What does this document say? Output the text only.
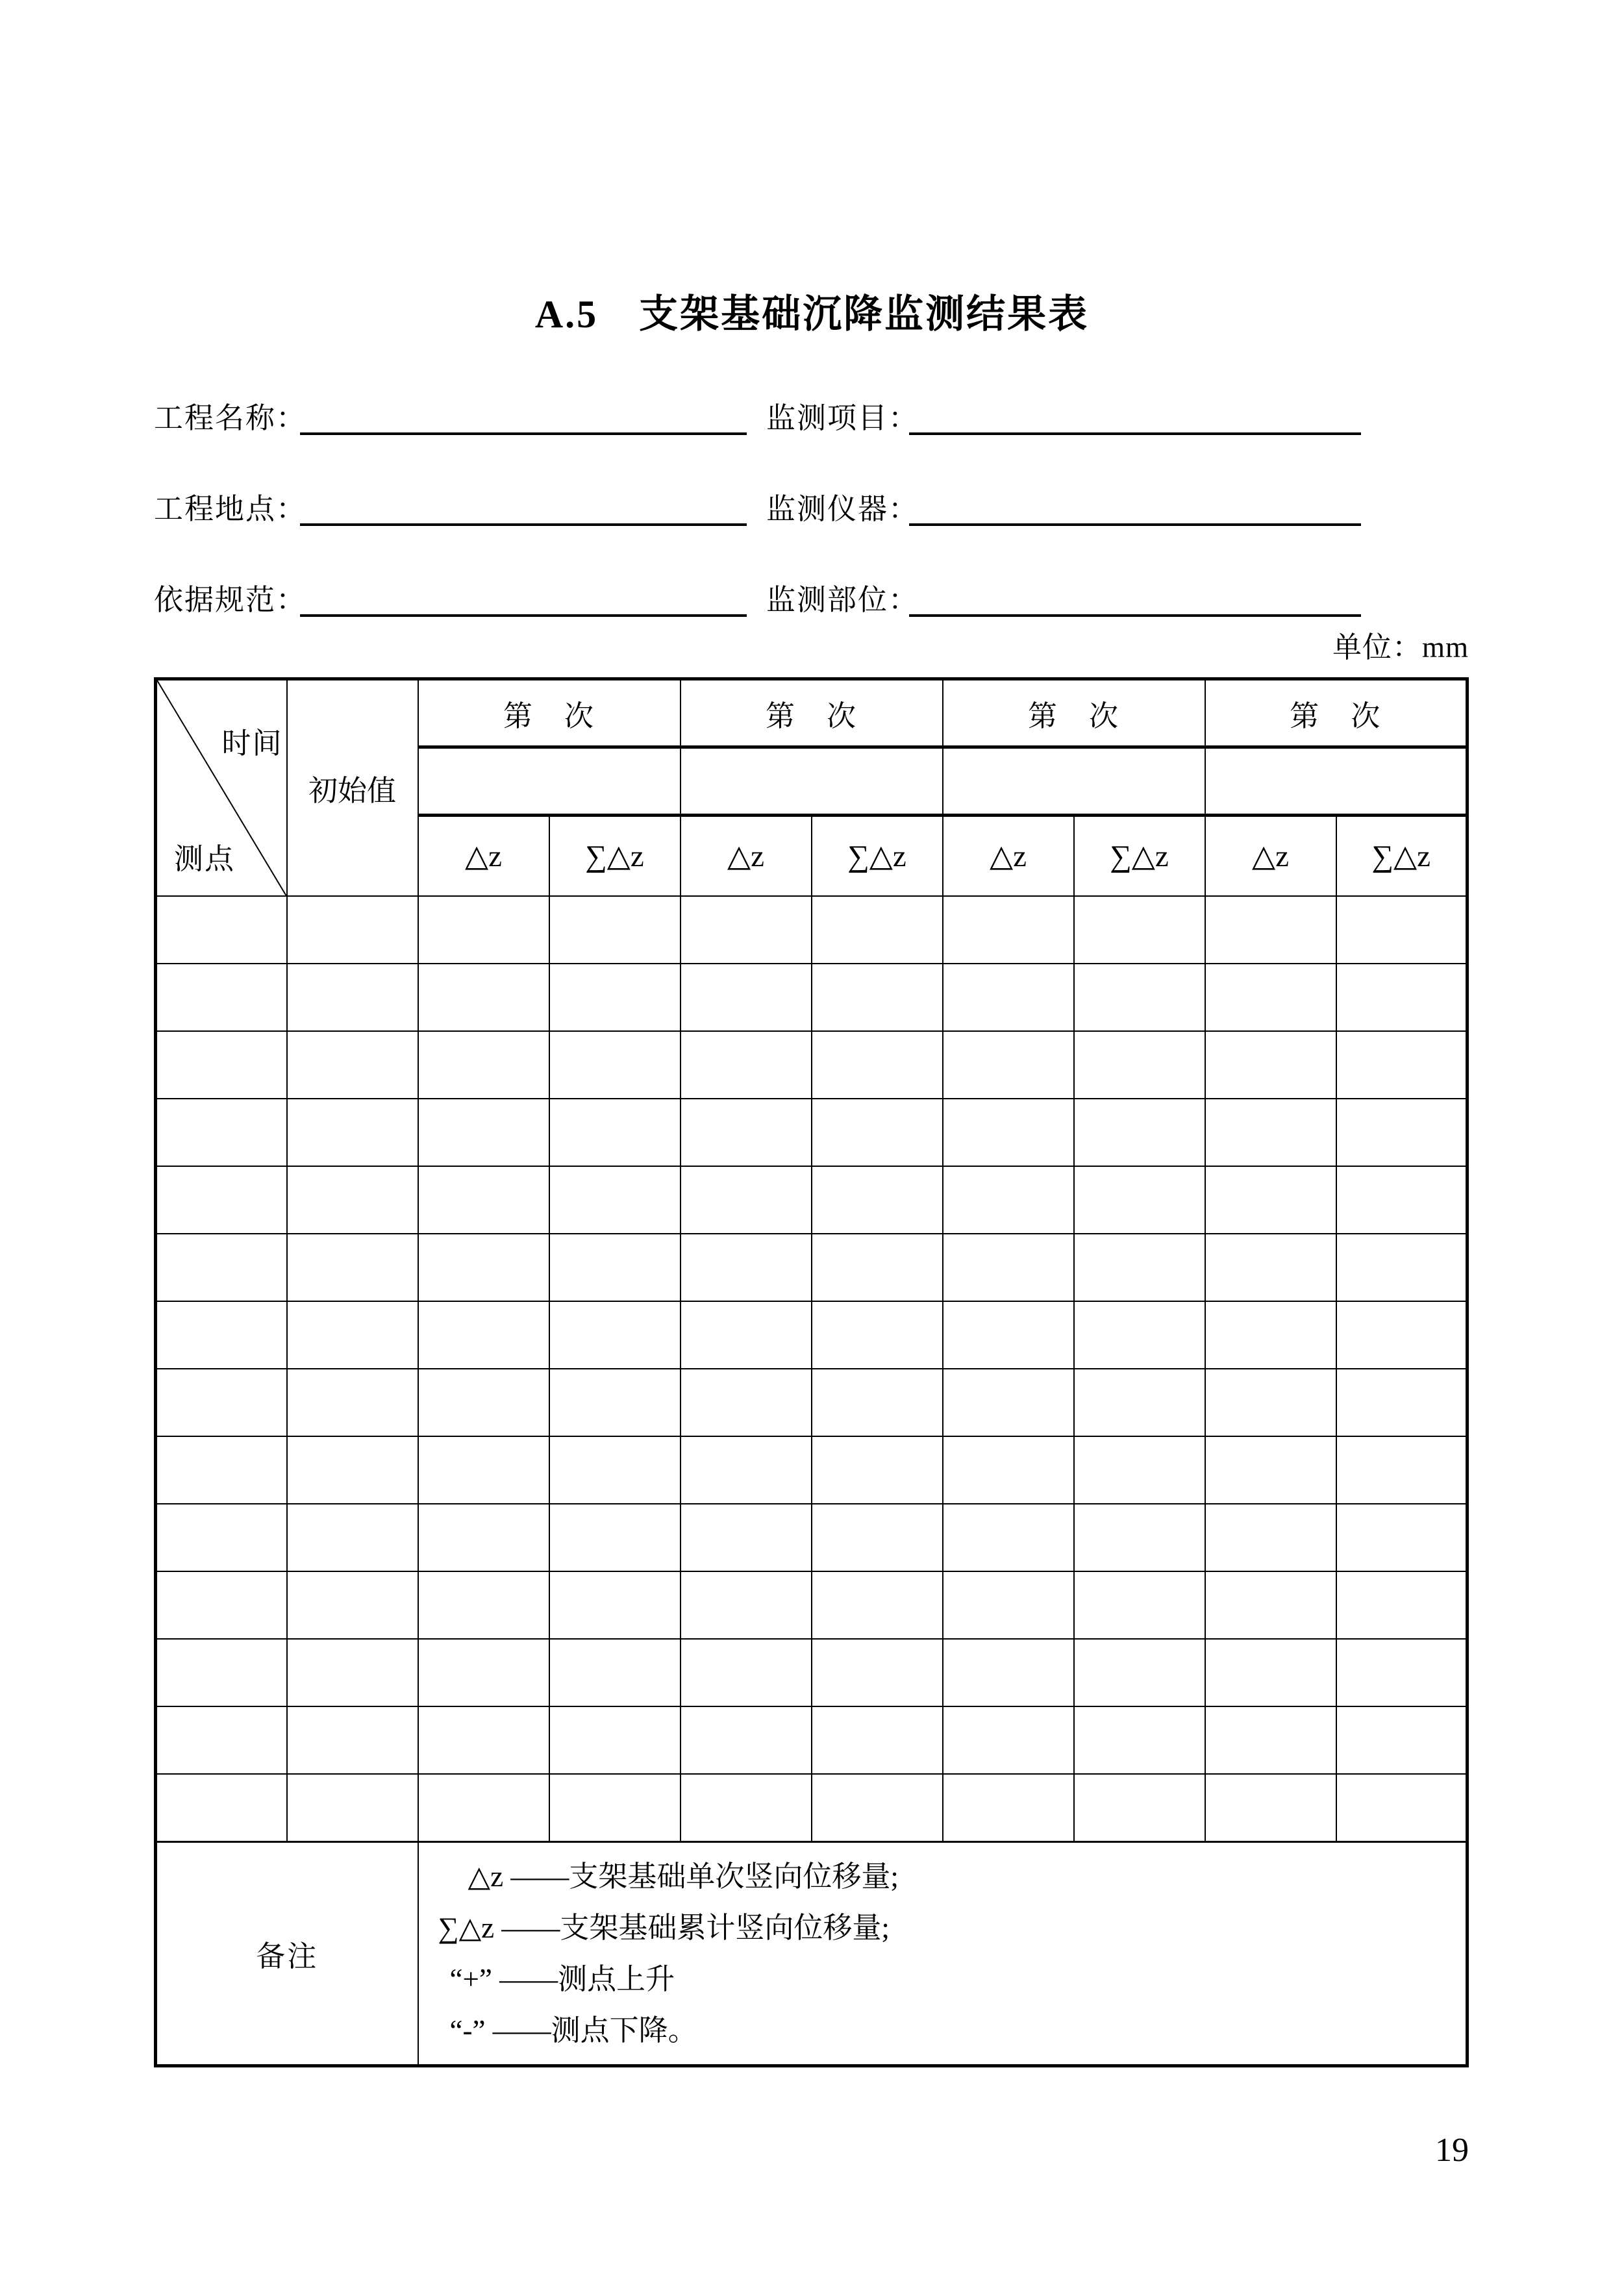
A.5　支架基础沉降监测结果表
工程名称：	监测项目：
工程地点：	监测仪器：
依据规范：	监测部位：
单位：mm
时间
测点	初始值	第　次		第　次		第　次		第　次	

		△z	∑△z	△z	∑△z	△z	∑△z	△z	∑△z

备注		△z ——支架基础单次竖向位移量;
∑△z ——支架基础累计竖向位移量;
“+” ——测点上升
“-” ——测点下降。							
19
